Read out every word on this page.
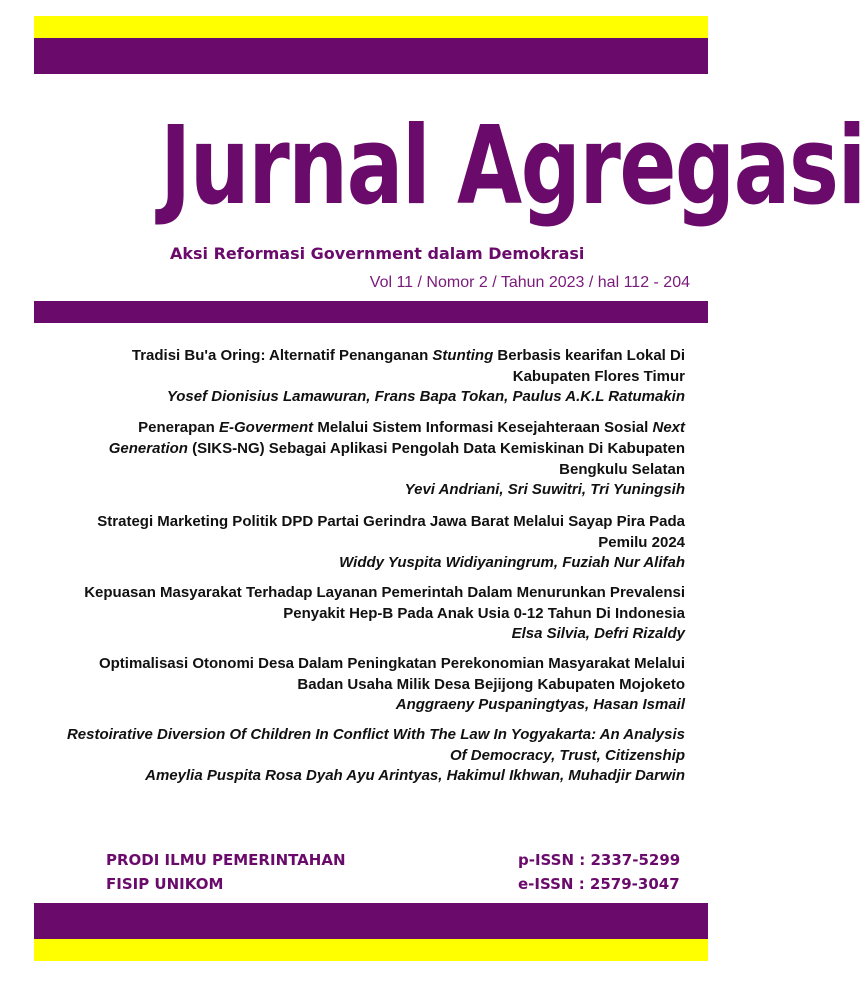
Jurnal Agregasi
Aksi Reformasi Government dalam Demokrasi
Vol 11 / Nomor 2 / Tahun 2023 / hal 112 - 204
Tradisi Bu'a Oring: Alternatif Penanganan Stunting Berbasis kearifan Lokal Di Kabupaten Flores Timur
Yosef Dionisius Lamawuran, Frans Bapa Tokan, Paulus A.K.L Ratumakin
Penerapan E-Goverment Melalui Sistem Informasi Kesejahteraan Sosial Next Generation (SIKS-NG) Sebagai Aplikasi Pengolah Data Kemiskinan Di Kabupaten Bengkulu Selatan
Yevi Andriani, Sri Suwitri, Tri Yuningsih
Strategi Marketing Politik DPD Partai Gerindra Jawa Barat Melalui Sayap Pira Pada Pemilu 2024
Widdy Yuspita Widiyaningrum, Fuziah Nur Alifah
Kepuasan Masyarakat Terhadap Layanan Pemerintah Dalam Menurunkan Prevalensi Penyakit Hep-B Pada Anak Usia 0-12 Tahun Di Indonesia
Elsa Silvia, Defri Rizaldy
Optimalisasi Otonomi Desa Dalam Peningkatan Perekonomian Masyarakat Melalui Badan Usaha Milik Desa Bejijong Kabupaten Mojoketo
Anggraeny Puspaningtyas, Hasan Ismail
Restoirative Diversion Of Children In Conflict With The Law In Yogyakarta: An Analysis Of Democracy, Trust, Citizenship
Ameylia Puspita Rosa Dyah Ayu Arintyas, Hakimul Ikhwan, Muhadjir Darwin
PRODI ILMU PEMERINTAHAN
FISIP UNIKOM
p-ISSN : 2337-5299
e-ISSN : 2579-3047
